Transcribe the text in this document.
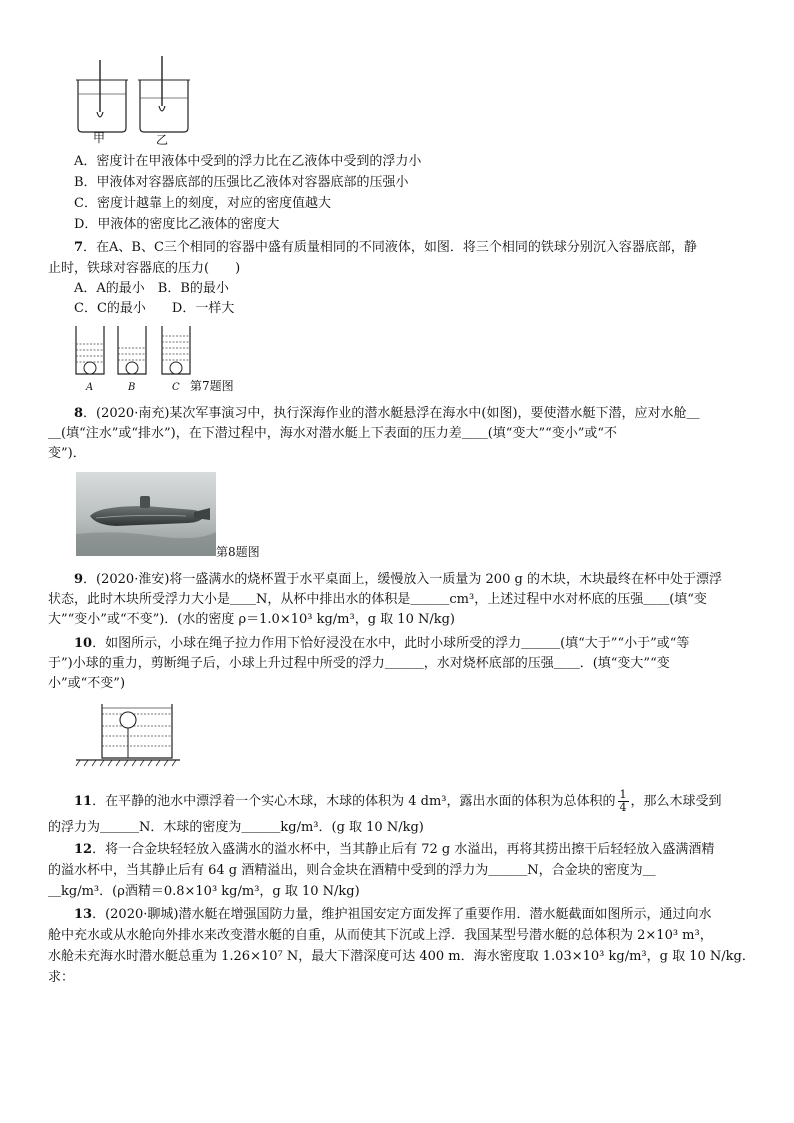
甲	乙
A．密度计在甲液体中受到的浮力比在乙液体中受到的浮力小
B．甲液体对容器底部的压强比乙液体对容器底部的压强小
C．密度计越靠上的刻度，对应的密度值越大
D．甲液体的密度比乙液体的密度大
7．在A、B、C三个相同的容器中盛有质量相同的不同液体，如图．将三个相同的铁球分别沉入容器底部，静
止时，铁球对容器底的压力(　　)
A．A的最小　B．B的最小
C．C的最小　　D．一样大
A	B	C 第7题图
8．(2020·南充)某次军事演习中，执行深海作业的潜水艇悬浮在海水中(如图)，要使潜水艇下潜，应对水舱＿
＿(填“注水”或“排水”)，在下潜过程中，海水对潜水艇上下表面的压力差＿＿(填“变大”“变小”或“不
变”)．
第8题图
9．(2020·淮安)将一盛满水的烧杯置于水平桌面上，缓慢放入一质量为 200 g 的木块，木块最终在杯中处于漂浮
状态，此时木块所受浮力大小是＿＿N，从杯中排出水的体积是＿＿＿cm³，上述过程中水对杯底的压强＿＿(填“变
大”“变小”或“不变”)．(水的密度 ρ＝1.0×10³ kg/m³，g 取 10 N/kg)
10．如图所示，小球在绳子拉力作用下恰好浸没在水中，此时小球所受的浮力＿＿＿(填“大于”“小于”或“等
于”)小球的重力，剪断绳子后，小球上升过程中所受的浮力＿＿＿，水对烧杯底部的压强＿＿．(填“变大”“变
小”或“不变”)
11．在平静的池水中漂浮着一个实心木球，木球的体积为 4 dm³，露出水面的体积为总体积的 $\frac{1}{4}$ ，那么木球受到
的浮力为＿＿＿N．木球的密度为＿＿＿kg/m³．(g 取 10 N/kg)
12．将一合金块轻轻放入盛满水的溢水杯中，当其静止后有 72 g 水溢出，再将其捞出擦干后轻轻放入盛满酒精
的溢水杯中，当其静止后有 64 g 酒精溢出，则合金块在酒精中受到的浮力为＿＿＿N，合金块的密度为＿
＿kg/m³．(ρ酒精＝0.8×10³ kg/m³，g 取 10 N/kg)
13．(2020·聊城)潜水艇在增强国防力量，维护祖国安定方面发挥了重要作用．潜水艇截面如图所示，通过向水
舱中充水或从水舱向外排水来改变潜水艇的自重，从而使其下沉或上浮．我国某型号潜水艇的总体积为 2×10³ m³，
水舱未充海水时潜水艇总重为 1.26×10⁷ N，最大下潜深度可达 400 m．海水密度取 1.03×10³ kg/m³，g 取 10 N/kg．
求：
